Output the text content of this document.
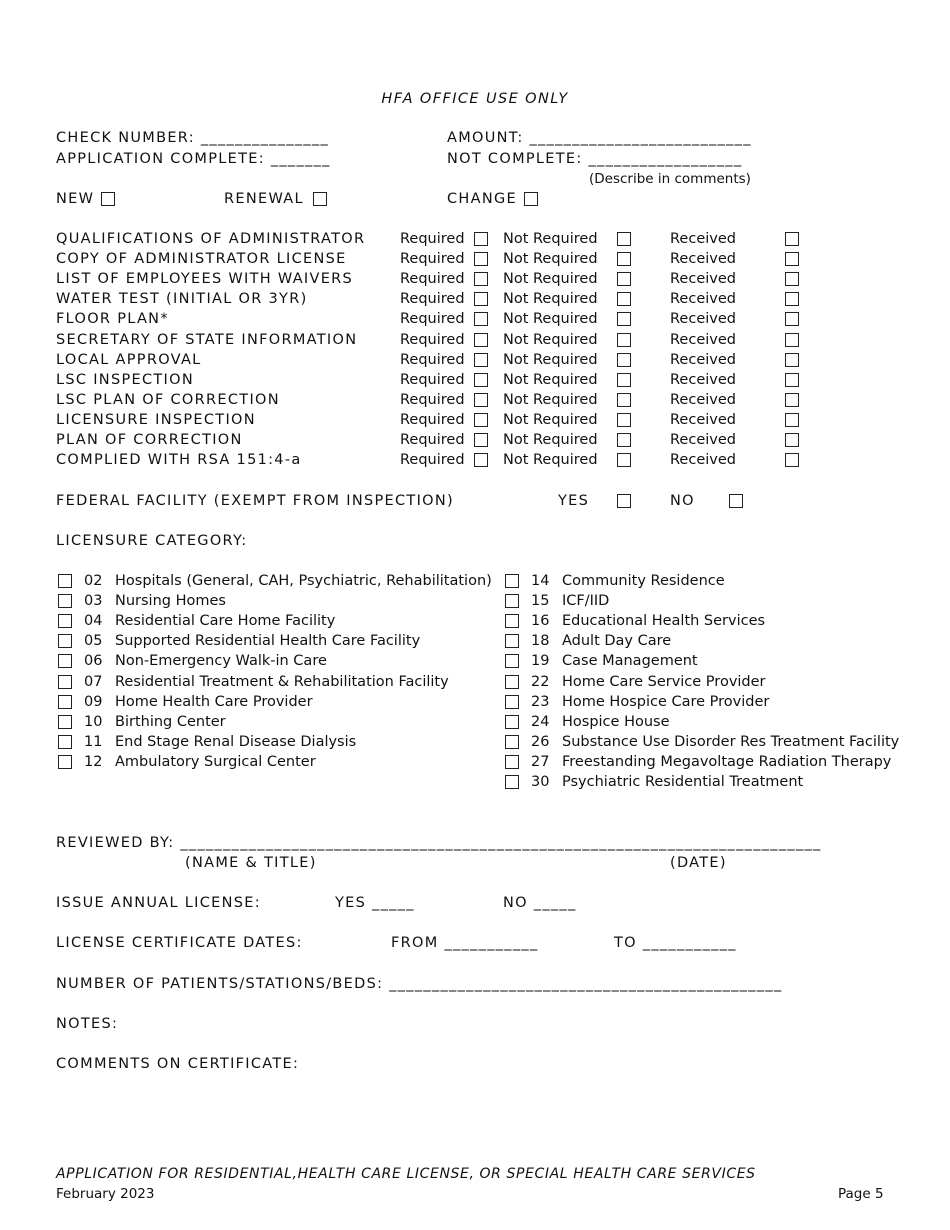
HFA OFFICE USE ONLY
CHECK NUMBER: _______________	AMOUNT: __________________________
APPLICATION COMPLETE: _______	NOT COMPLETE: __________________
(Describe in comments)
NEW	RENEWAL	CHANGE
QUALIFICATIONS OF ADMINISTRATOR Required	Not Required	Received
COPY OF ADMINISTRATOR LICENSE	Required	Not Required	Received
LIST OF EMPLOYEES WITH WAIVERS	Required	Not Required	Received
WATER TEST (INITIAL OR 3YR)	Required	Not Required	Received
FLOOR PLAN*	Required	Not Required	Received
SECRETARY OF STATE INFORMATION	Required	Not Required	Received
LOCAL APPROVAL	Required	Not Required	Received
LSC INSPECTION	Required	Not Required	Received
LSC PLAN OF CORRECTION	Required	Not Required	Received
LICENSURE INSPECTION	Required	Not Required	Received
PLAN OF CORRECTION	Required	Not Required	Received
COMPLIED WITH RSA 151:4-a	Required	Not Required	Received
FEDERAL FACILITY (EXEMPT FROM INSPECTION)	YES	NO
LICENSURE CATEGORY:
02 Hospitals (General, CAH, Psychiatric, Rehabilitation)
03 Nursing Homes
04 Residential Care Home Facility
05 Supported Residential Health Care Facility
06 Non-Emergency Walk-in Care
07 Residential Treatment & Rehabilitation Facility
09 Home Health Care Provider
10 Birthing Center
11 End Stage Renal Disease Dialysis
12 Ambulatory Surgical Center
14 Community Residence
15 ICF/IID
16 Educational Health Services
18 Adult Day Care
19 Case Management
22 Home Care Service Provider
23 Home Hospice Care Provider
24 Hospice House
26 Substance Use Disorder Res Treatment Facility
27 Freestanding Megavoltage Radiation Therapy
30 Psychiatric Residential Treatment
REVIEWED BY: ___________________________________________________________________________
(NAME & TITLE)	(DATE)
ISSUE ANNUAL LICENSE:	YES _____	NO _____
LICENSE CERTIFICATE DATES:	FROM ___________	TO ___________
NUMBER OF PATIENTS/STATIONS/BEDS: ______________________________________________
NOTES:
COMMENTS ON CERTIFICATE:
APPLICATION FOR RESIDENTIAL,HEALTH CARE LICENSE, OR SPECIAL HEALTH CARE SERVICES
February 2023	Page 5
